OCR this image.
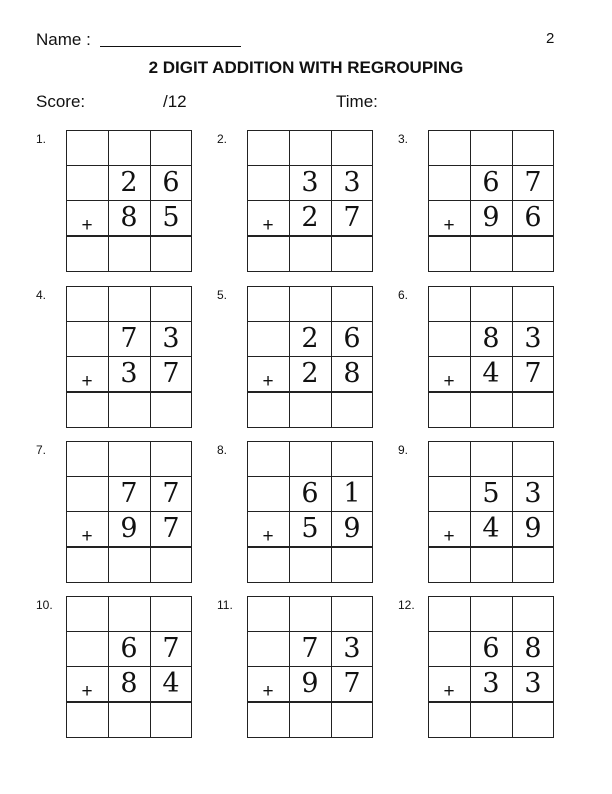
Name :	2
2 DIGIT ADDITION WITH REGROUPING
Score:	/12	Time:
1.
2 6
+	8 5
2.
3 3
+	2 7
3.
6 7
+	9 6
4.
7 3
+	3 7
5.
2 6
+	2 8
6.
8 3
+	4 7
7.
7 7
+	9 7
8.
6 1
+	5 9
9.
5 3
+	4 9
10.
6 7
+	8 4
11.
7 3
+	9 7
12.
6 8
+	3 3
